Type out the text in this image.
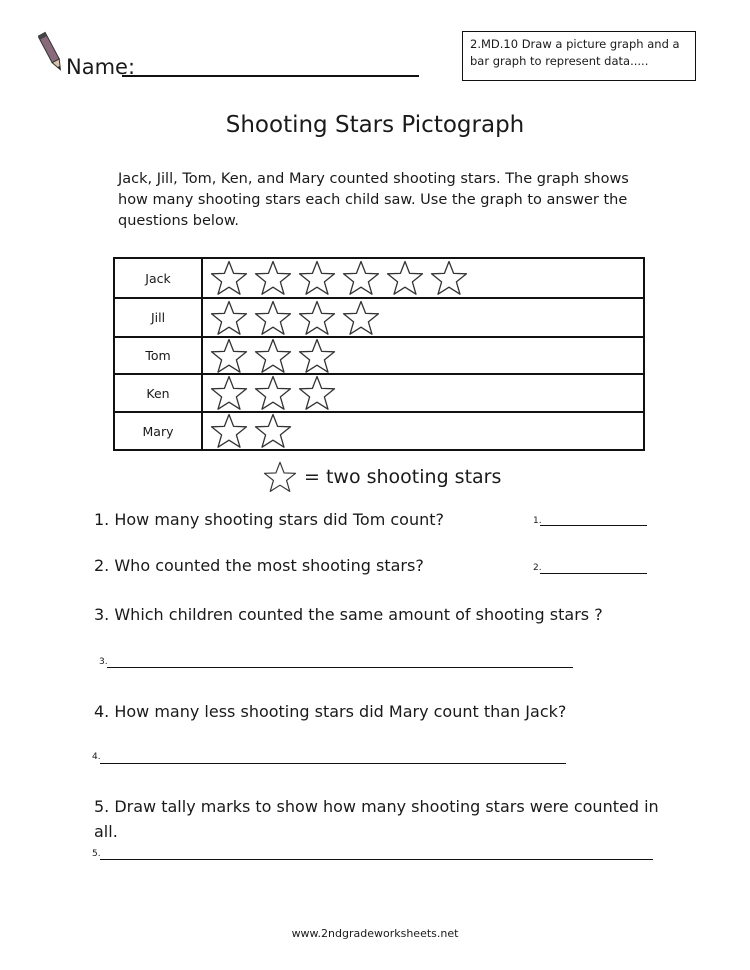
Name:
2.MD.10 Draw a picture graph and a bar graph to represent data.....
Shooting Stars Pictograph
Jack, Jill, Tom, Ken, and Mary counted shooting stars. The graph shows how many shooting stars each child saw. Use the graph to answer the questions below.
Jack
Jill
Tom
Ken
Mary
= two shooting stars
1. How many shooting stars did Tom count?	1.
2. Who counted the most shooting stars?	2.
3. Which children counted the same amount of shooting stars ?
3.
4. How many less shooting stars did Mary count than Jack?
4.
5. Draw tally marks to show how many shooting stars were counted in all.
5.
www.2ndgradeworksheets.net
